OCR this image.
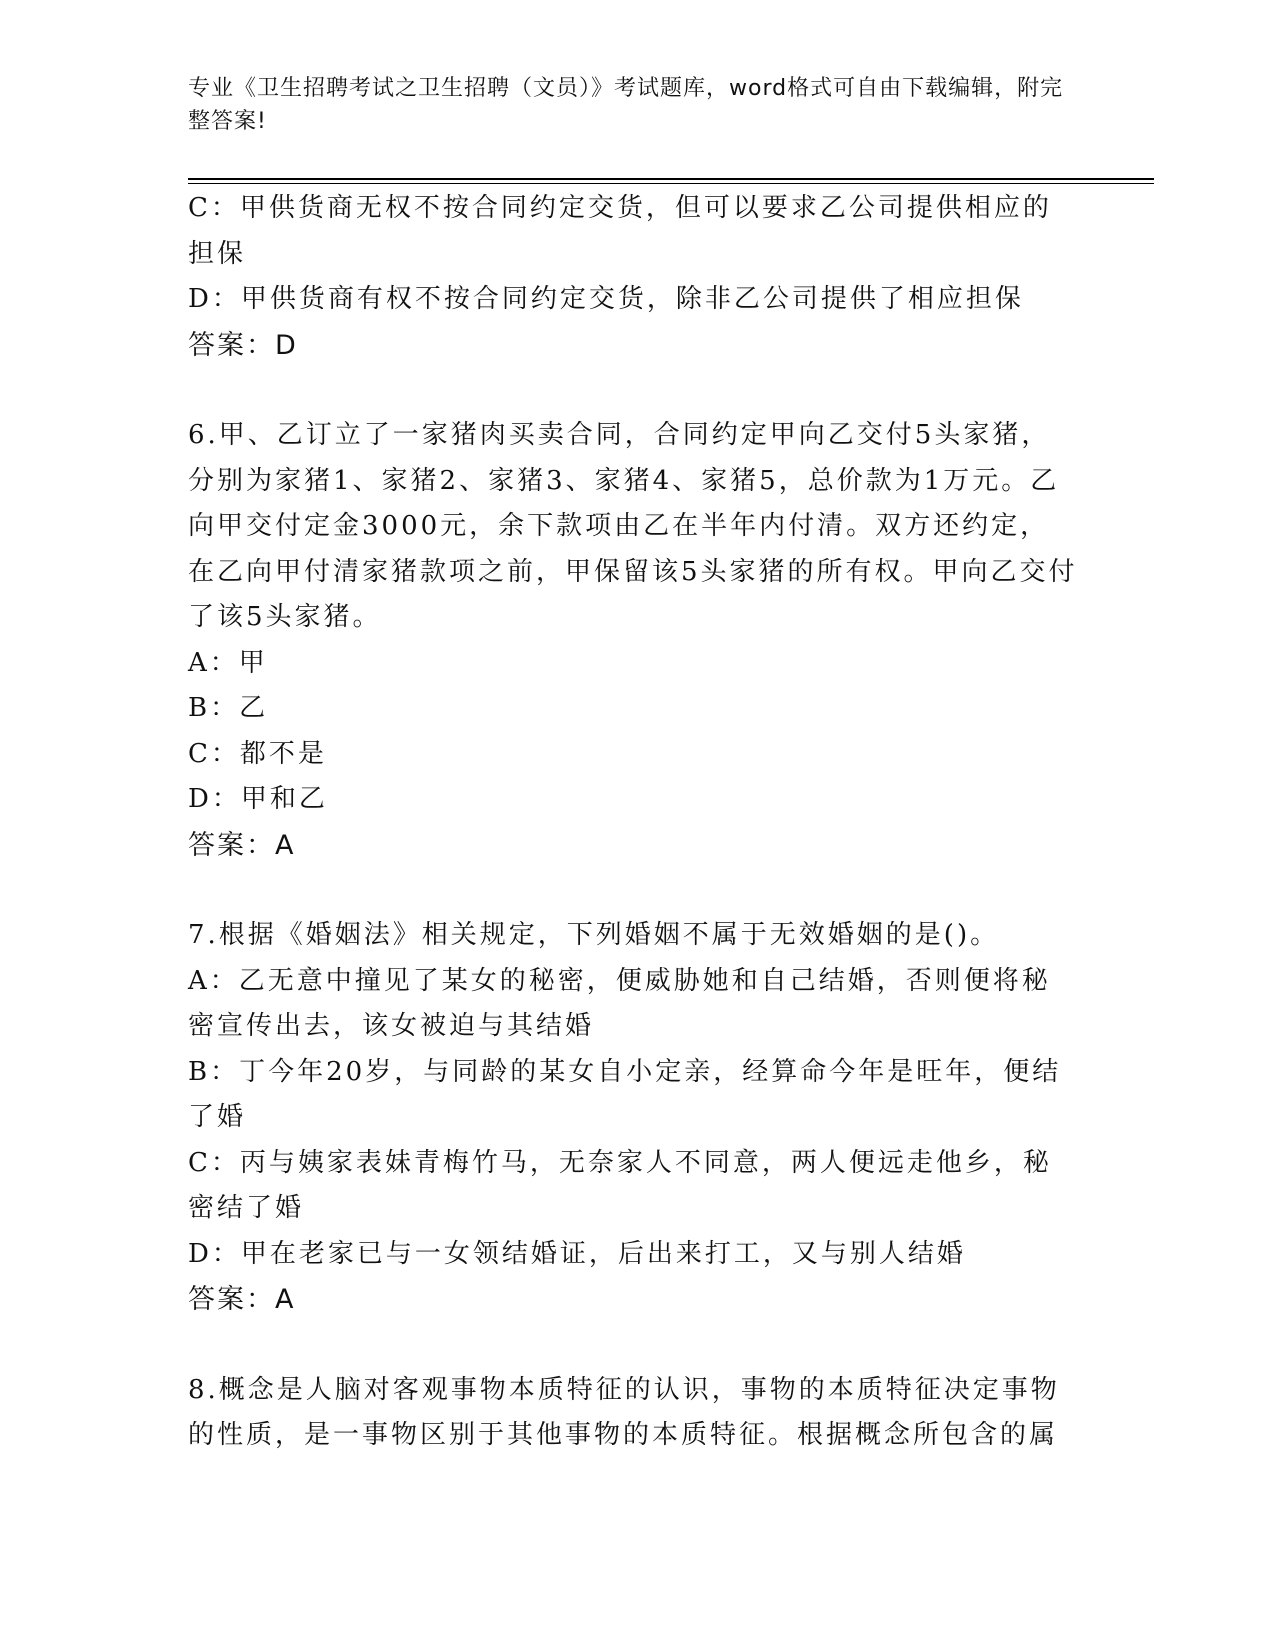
专业《卫生招聘考试之卫生招聘（文员）》考试题库，word格式可自由下载编辑，附完整答案!

C：甲供货商无权不按合同约定交货，但可以要求乙公司提供相应的担保

D：甲供货商有权不按合同约定交货，除非乙公司提供了相应担保

答案：D

6.甲、乙订立了一家猪肉买卖合同，合同约定甲向乙交付5头家猪，分别为家猪1、家猪2、家猪3、家猪4、家猪5，总价款为1万元。乙向甲交付定金3000元，余下款项由乙在半年内付清。双方还约定，在乙向甲付清家猪款项之前，甲保留该5头家猪的所有权。甲向乙交付了该5头家猪。

A：甲

B：乙

C：都不是

D：甲和乙

答案：A

7.根据《婚姻法》相关规定，下列婚姻不属于无效婚姻的是()。

A：乙无意中撞见了某女的秘密，便威胁她和自己结婚，否则便将秘密宣传出去，该女被迫与其结婚

B：丁今年20岁，与同龄的某女自小定亲，经算命今年是旺年，便结了婚

C：丙与姨家表妹青梅竹马，无奈家人不同意，两人便远走他乡，秘密结了婚

D：甲在老家已与一女领结婚证，后出来打工，又与别人结婚

答案：A

8.概念是人脑对客观事物本质特征的认识，事物的本质特征决定事物的性质，是一事物区别于其他事物的本质特征。根据概念所包含的属
